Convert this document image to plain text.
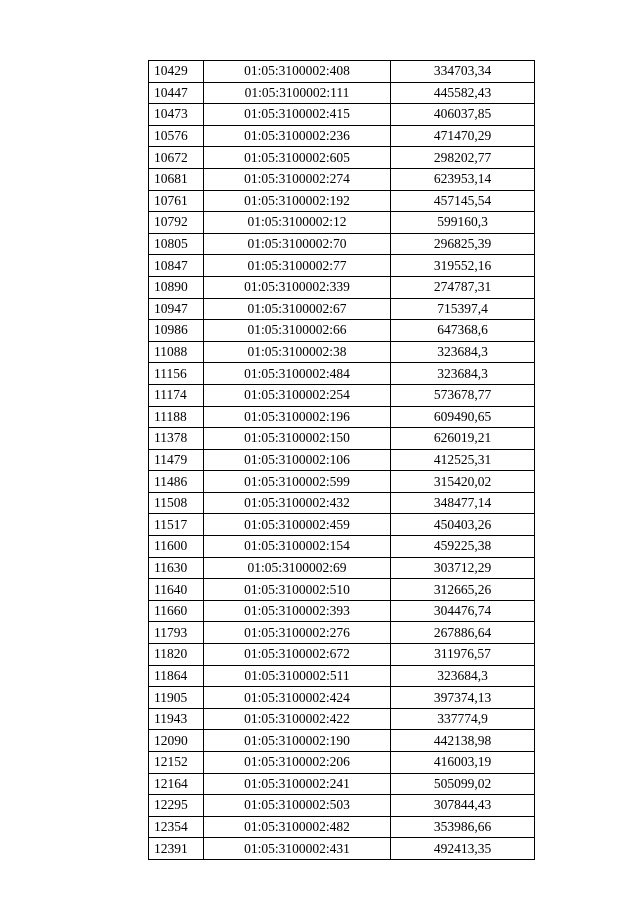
10429	01:05:3100002:408	334703,34
10447	01:05:3100002:111	445582,43
10473	01:05:3100002:415	406037,85
10576	01:05:3100002:236	471470,29
10672	01:05:3100002:605	298202,77
10681	01:05:3100002:274	623953,14
10761	01:05:3100002:192	457145,54
10792	01:05:3100002:12	599160,3
10805	01:05:3100002:70	296825,39
10847	01:05:3100002:77	319552,16
10890	01:05:3100002:339	274787,31
10947	01:05:3100002:67	715397,4
10986	01:05:3100002:66	647368,6
11088	01:05:3100002:38	323684,3
11156	01:05:3100002:484	323684,3
11174	01:05:3100002:254	573678,77
11188	01:05:3100002:196	609490,65
11378	01:05:3100002:150	626019,21
11479	01:05:3100002:106	412525,31
11486	01:05:3100002:599	315420,02
11508	01:05:3100002:432	348477,14
11517	01:05:3100002:459	450403,26
11600	01:05:3100002:154	459225,38
11630	01:05:3100002:69	303712,29
11640	01:05:3100002:510	312665,26
11660	01:05:3100002:393	304476,74
11793	01:05:3100002:276	267886,64
11820	01:05:3100002:672	311976,57
11864	01:05:3100002:511	323684,3
11905	01:05:3100002:424	397374,13
11943	01:05:3100002:422	337774,9
12090	01:05:3100002:190	442138,98
12152	01:05:3100002:206	416003,19
12164	01:05:3100002:241	505099,02
12295	01:05:3100002:503	307844,43
12354	01:05:3100002:482	353986,66
12391	01:05:3100002:431	492413,35
